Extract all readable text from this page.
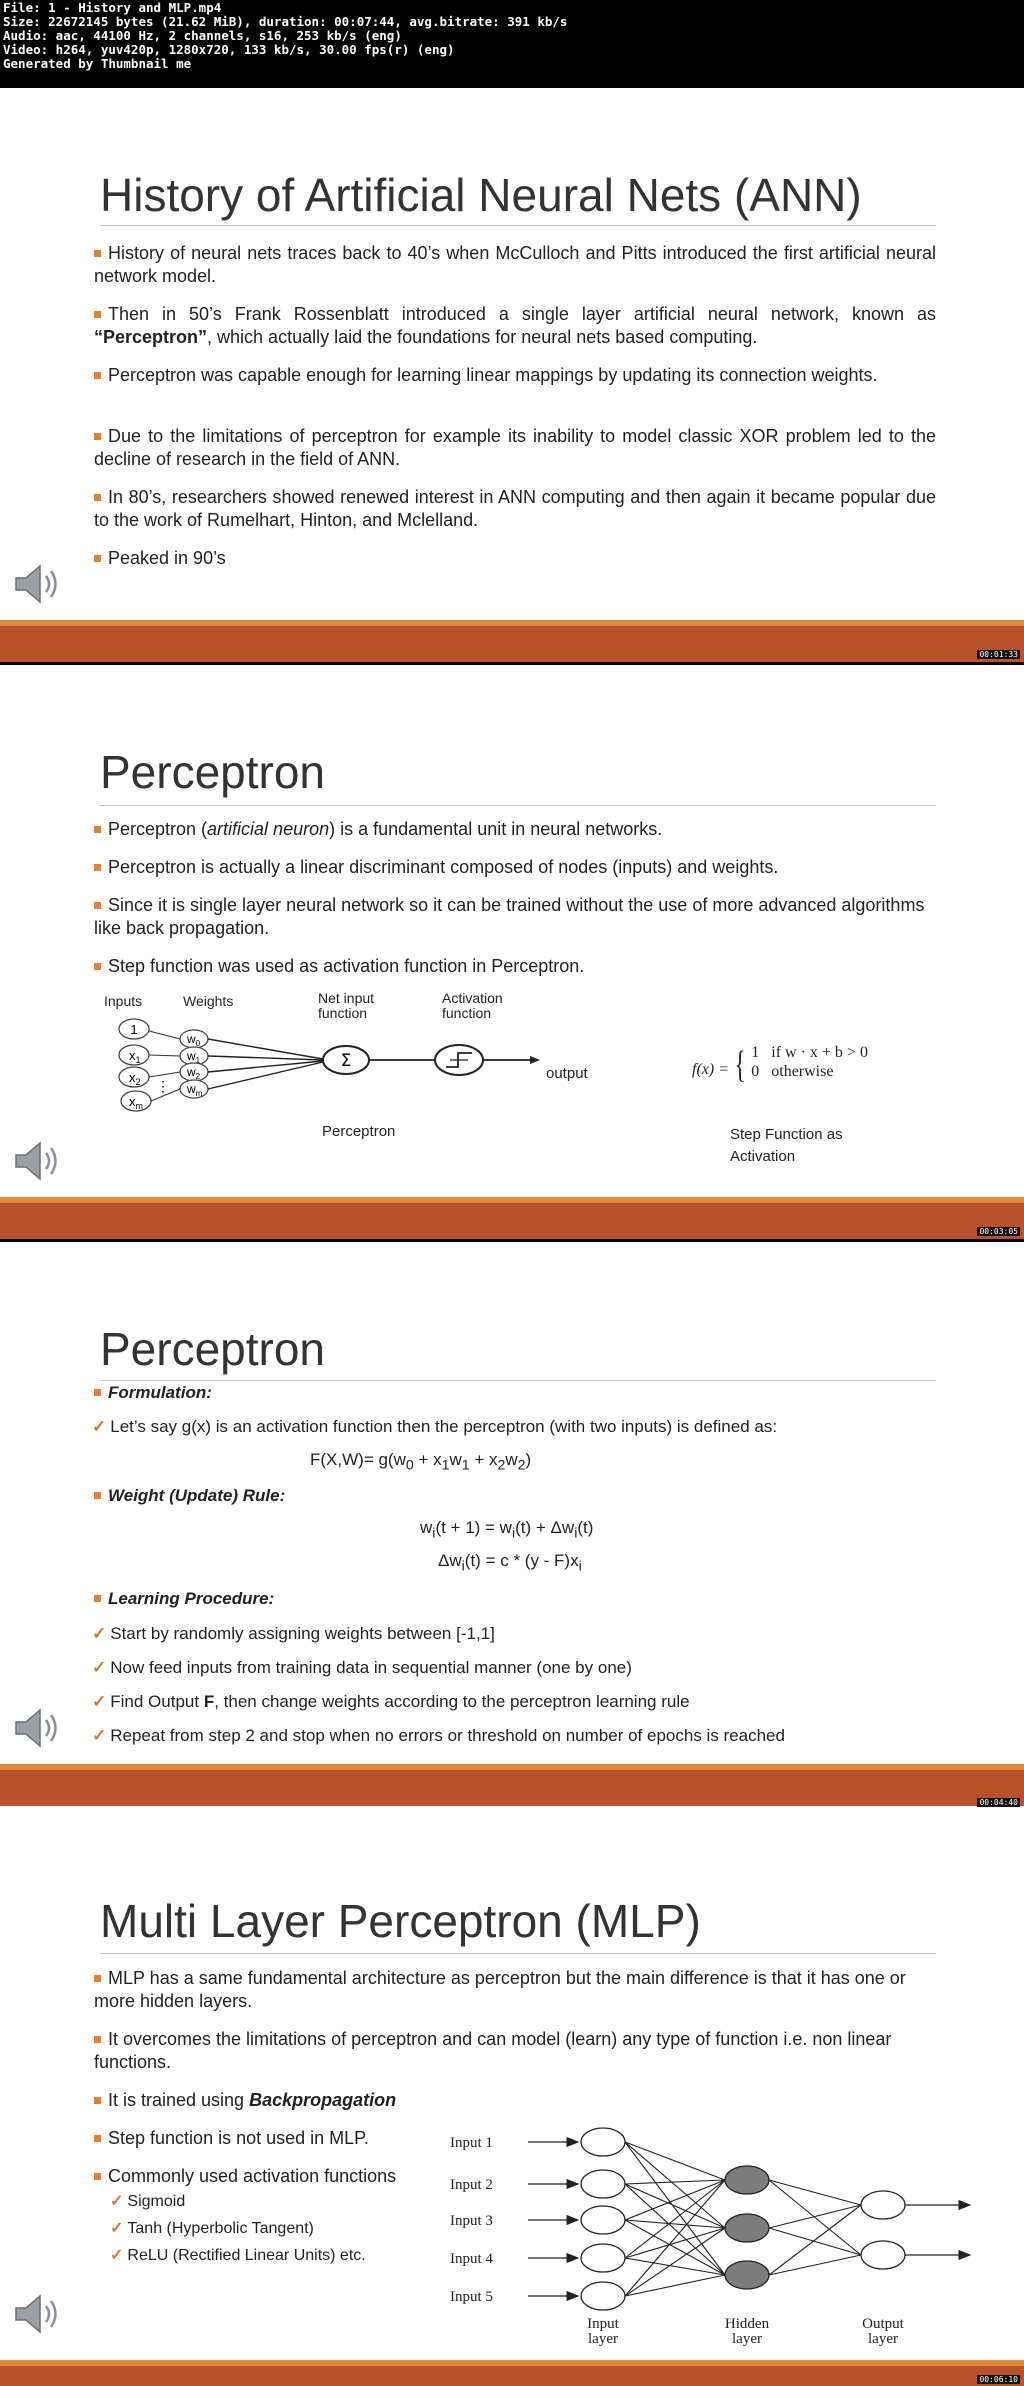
File: 1 - History and MLP.mp4
Size: 22672145 bytes (21.62 MiB), duration: 00:07:44, avg.bitrate: 391 kb/s
Audio: aac, 44100 Hz, 2 channels, s16, 253 kb/s (eng)
Video: h264, yuv420p, 1280x720, 133 kb/s, 30.00 fps(r) (eng)
Generated by Thumbnail me
History of Artificial Neural Nets (ANN)
History of neural nets traces back to 40’s when McCulloch and Pitts introduced the first artificial neural network model.
Then in 50’s Frank Rossenblatt introduced a single layer artificial neural network, known as “Perceptron”, which actually laid the foundations for neural nets based computing.
Perceptron was capable enough for learning linear mappings by updating its connection weights.
Due to the limitations of perceptron for example its inability to model classic XOR problem led to the decline of research in the field of ANN.
In 80’s, researchers showed renewed interest in ANN computing and then again it became popular due to the work of Rumelhart, Hinton, and Mclelland.
Peaked in 90’s
00:01:33
Perceptron
Perceptron (artificial neuron) is a fundamental unit in neural networks.
Perceptron is actually a linear discriminant composed of nodes (inputs) and weights.
Since it is single layer neural network so it can be trained without the use of more advanced algorithms like back propagation.
Step function was used as activation function in Perceptron.
Inputs	Weights	Net input
function
Activation
function
1
$x_1$
$x_2$
$x_m$
⋮
$w_0$
$w_1$
$w_2$
$w_m$
Σ
output
Perceptron
f(x) = { 1 if w · x + b > 0
0 otherwise
Step Function as
Activation
00:03:05
Perceptron
Formulation:
✓ Let’s say g(x) is an activation function then the perceptron (with two inputs) is defined as:
$F(X,W)= g(w_0 + x_1w_1 + x_2w_2)$
Weight (Update) Rule:
$w_i(t + 1) = w_i(t) + \Delta w_i(t)$
$\Delta w_i(t) = c * (y - F)x_i$
Learning Procedure:
✓ Start by randomly assigning weights between [-1,1]
✓ Now feed inputs from training data in sequential manner (one by one)
✓ Find Output F, then change weights according to the perceptron learning rule
✓ Repeat from step 2 and stop when no errors or threshold on number of epochs is reached
00:04:40
Multi Layer Perceptron (MLP)
MLP has a same fundamental architecture as perceptron but the main difference is that it has one or more hidden layers.
It overcomes the limitations of perceptron and can model (learn) any type of function i.e. non linear functions.
It is trained using Backpropagation
Step function is not used in MLP.
Commonly used activation functions
✓ Sigmoid
✓ Tanh (Hyperbolic Tangent)
✓ ReLU (Rectified Linear Units) etc.
Input 1
Input 2
Input 3
Input 4
Input 5
Input
layer
Hidden
layer
Output
layer
00:06:10
